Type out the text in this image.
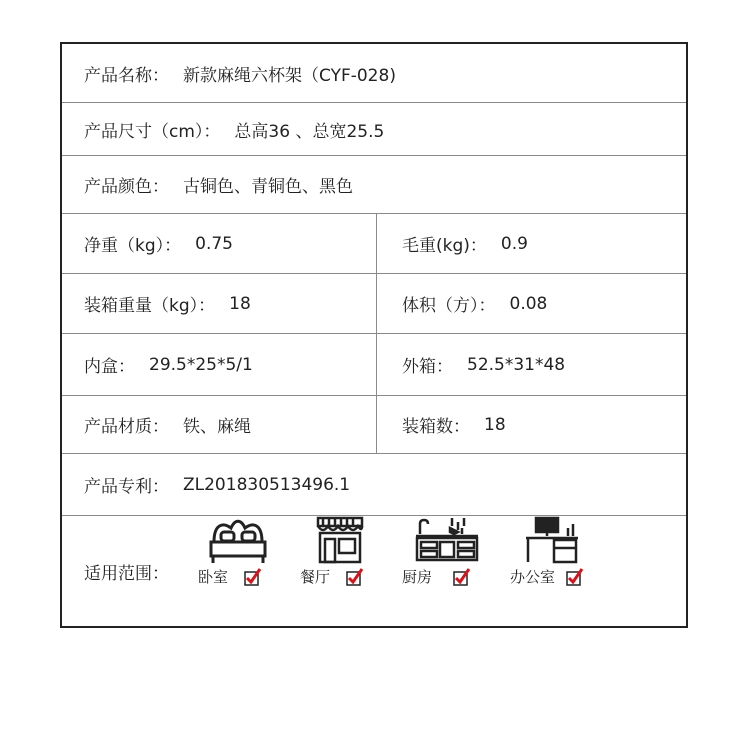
产品名称： 新款麻绳六杯架（CYF-028)
产品尺寸（cm）： 总高36 、总宽25.5
产品颜色： 古铜色、青铜色、黑色
净重（kg）： 0.75	毛重(kg)： 0.9
装箱重量（kg）： 18	体积（方）： 0.08
内盒： 29.5*25*5/1	外箱： 52.5*31*48
产品材质： 铁、麻绳	装箱数： 18
产品专利： ZL201830513496.1
适用范围： 卧室	餐厅	厨房	办公室
